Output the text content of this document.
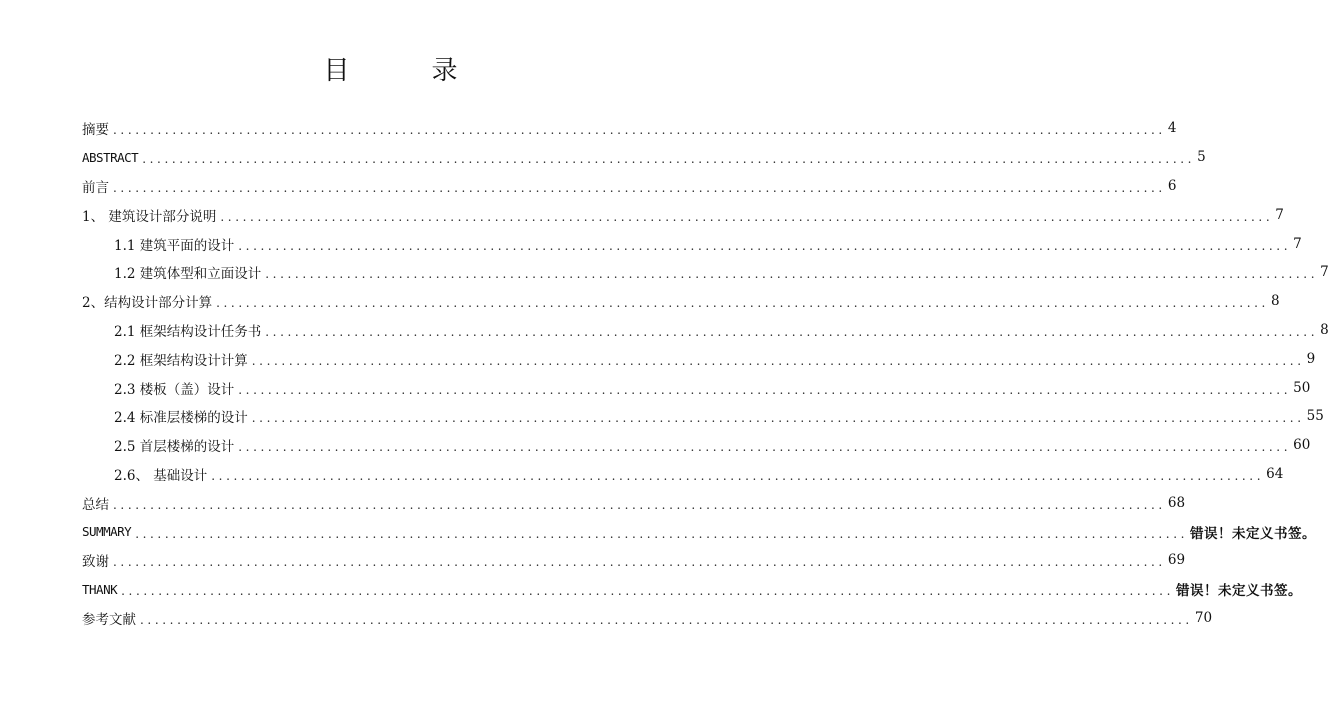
目　录
摘要 .............................................................................................................................................. 4
ABSTRACT .............................................................................................................................................. 5
前言 .............................................................................................................................................. 6
1、 建筑设计部分说明 .............................................................................................................................................. 7
1.1 建筑平面的设计 .............................................................................................................................................. 7
1.2 建筑体型和立面设计 .............................................................................................................................................. 7
2、结构设计部分计算 .............................................................................................................................................. 8
2.1 框架结构设计任务书 .............................................................................................................................................. 8
2.2 框架结构设计计算 .............................................................................................................................................. 9
2.3 楼板（盖）设计 .............................................................................................................................................. 50
2.4 标准层楼梯的设计 .............................................................................................................................................. 55
2.5 首层楼梯的设计 .............................................................................................................................................. 60
2.6、 基础设计 .............................................................................................................................................. 64
总结 .............................................................................................................................................. 68
SUMMARY .............................................................................................................................................. 错误！未定义书签。
致谢 .............................................................................................................................................. 69
THANK .............................................................................................................................................. 错误！未定义书签。
参考文献 .............................................................................................................................................. 70
